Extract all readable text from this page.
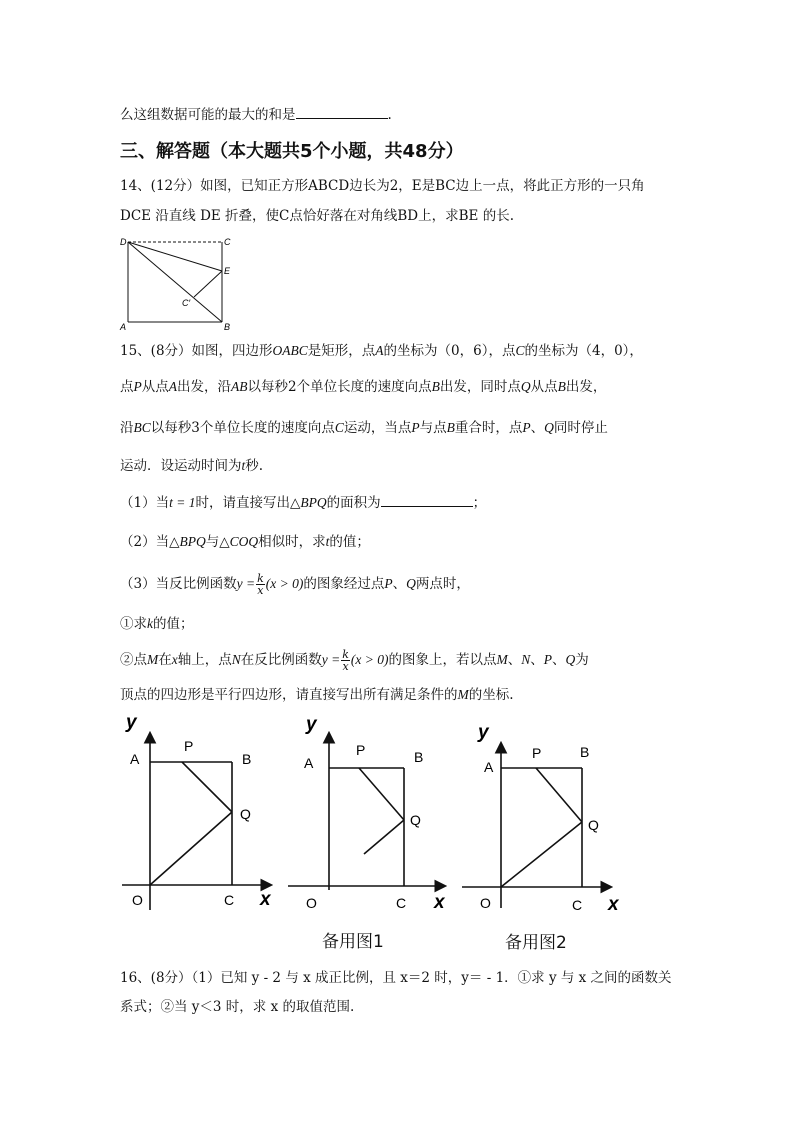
么这组数据可能的最大的和是	.
三、解答题（本大题共5个小题，共48分）
14、(12分）如图，已知正方形ABCD边长为2，E是BC边上一点，将此正方形的一只角
DCE 沿直线 DE 折叠，使C点恰好落在对角线BD上，求BE 的长.
D	C
E
C′
A	B
15、(8分）如图，四边形OABC是矩形，点A的坐标为（0，6），点C的坐标为（4，0），
点P从点A出发，沿AB以每秒2个单位长度的速度向点B出发，同时点Q从点B出发，
沿BC以每秒3个单位长度的速度向点C运动，当点P与点B重合时，点P、Q同时停止
运动．设运动时间为t秒.
（1）当t = 1时，请直接写出△BPQ的面积为	；
（2）当△BPQ与△COQ相似时，求t的值；
（3）当反比例函数$y = \frac{k}{x} (x > 0)$的图象经过点P、Q两点时，
①求k的值；
②点M在x轴上，点N在反比例函数$y = \frac{k}{x} (x > 0)$的图象上，若以点M、N、P、Q为
顶点的四边形是平行四边形，请直接写出所有满足条件的M的坐标.
y
x
A
P
B
Q
O	C
y
x
A
P	B
Q
O	C
y
x
A
P	B
Q
O	C
备用图1	备用图2
16、(8分）（1）已知 y - 2 与 x 成正比例，且 x＝2 时，y＝ - 1．①求 y 与 x 之间的函数关
系式；②当 y＜3 时，求 x 的取值范围.
